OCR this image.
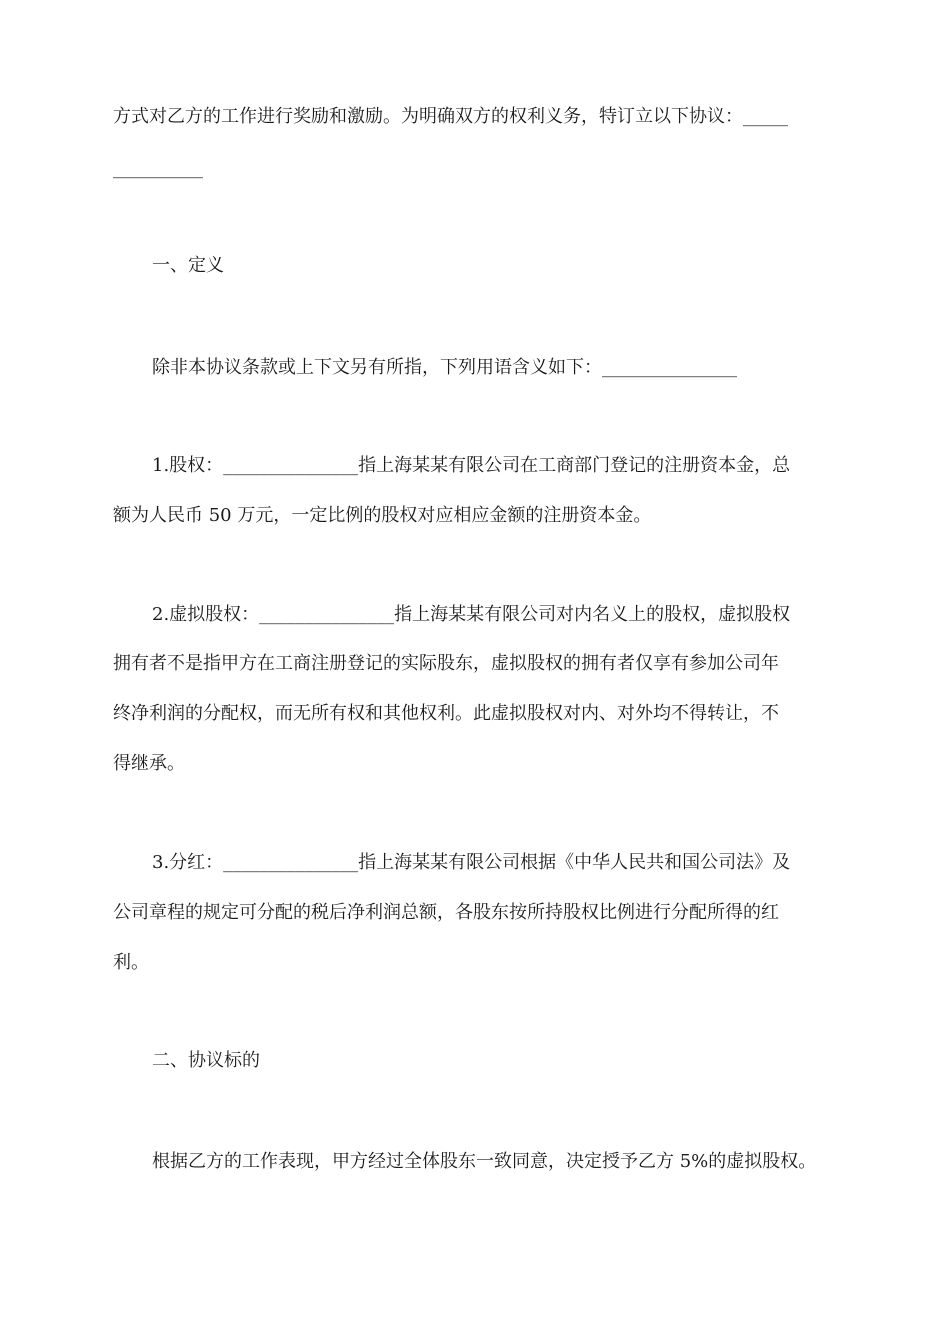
方式对乙方的工作进行奖励和激励。为明确双方的权利义务，特订立以下协议：_____
__________
一、定义
除非本协议条款或上下文另有所指，下列用语含义如下：_______________
1.股权：_______________指上海某某有限公司在工商部门登记的注册资本金，总
额为人民币 50 万元，一定比例的股权对应相应金额的注册资本金。
2.虚拟股权：_______________指上海某某有限公司对内名义上的股权，虚拟股权
拥有者不是指甲方在工商注册登记的实际股东，虚拟股权的拥有者仅享有参加公司年
终净利润的分配权，而无所有权和其他权利。此虚拟股权对内、对外均不得转让，不
得继承。
3.分红：_______________指上海某某有限公司根据《中华人民共和国公司法》及
公司章程的规定可分配的税后净利润总额，各股东按所持股权比例进行分配所得的红
利。
二、协议标的
根据乙方的工作表现，甲方经过全体股东一致同意，决定授予乙方 5%的虚拟股权。
